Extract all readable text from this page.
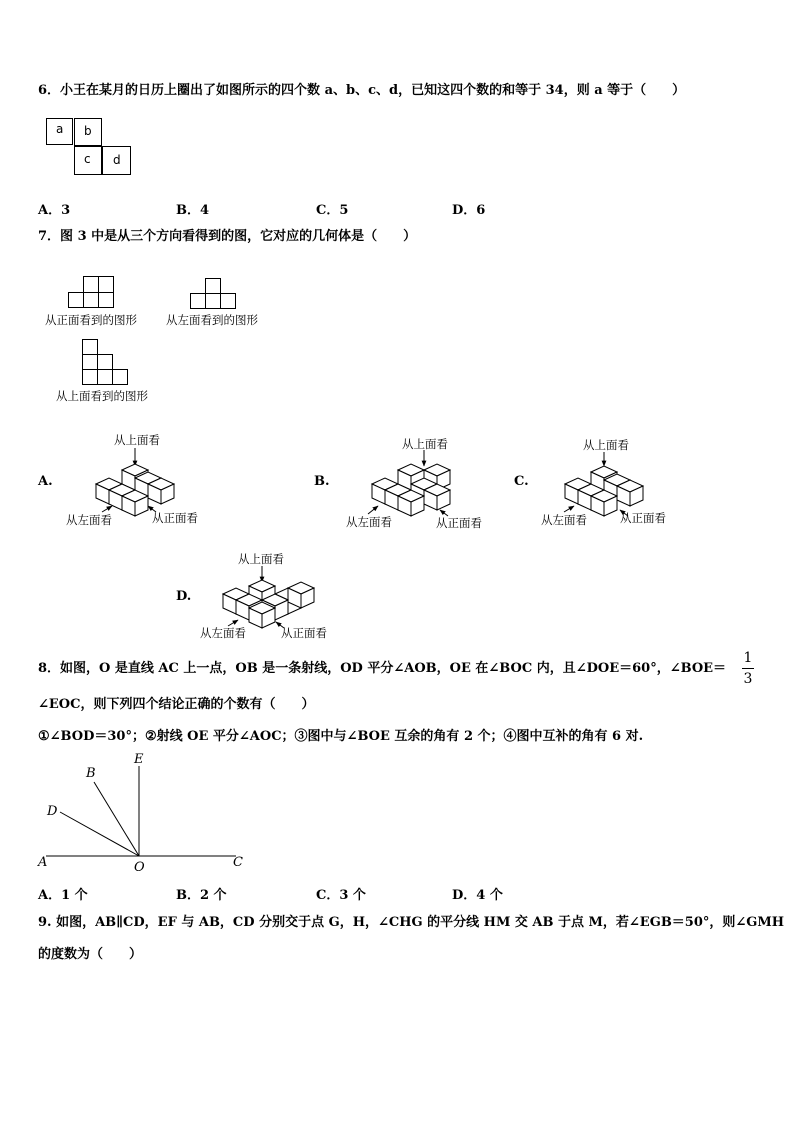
6．小王在某月的日历上圈出了如图所示的四个数 a、b、c、d，已知这四个数的和等于 34，则 a 等于（　　）
a	b
c	d
A．3	B．4	C．5	D．6
7．图 3 中是从三个方向看得到的图，它对应的几何体是（　　）
从正面看到的图形	从左面看到的图形
从上面看到的图形
A.
从上面看
从左面看	从正面看
B.
从上面看
从左面看	从正面看
C.
从上面看
从左面看	从正面看
D.
从上面看
从左面看	从正面看
8．如图，O 是直线 AC 上一点，OB 是一条射线，OD 平分∠AOB，OE 在∠BOC 内，且∠DOE＝60°，∠BOE＝
1
3
∠EOC，则下列四个结论正确的个数有（　　）
①∠BOD＝30°；②射线 OE 平分∠AOC；③图中与∠BOE 互余的角有 2 个；④图中互补的角有 6 对.
B
E
D
A	O	C
A．1 个	B．2 个	C．3 个	D．4 个
9. 如图，AB∥CD，EF 与 AB，CD 分别交于点 G，H，∠CHG 的平分线 HM 交 AB 于点 M，若∠EGB＝50°，则∠GMH
的度数为（　　）
